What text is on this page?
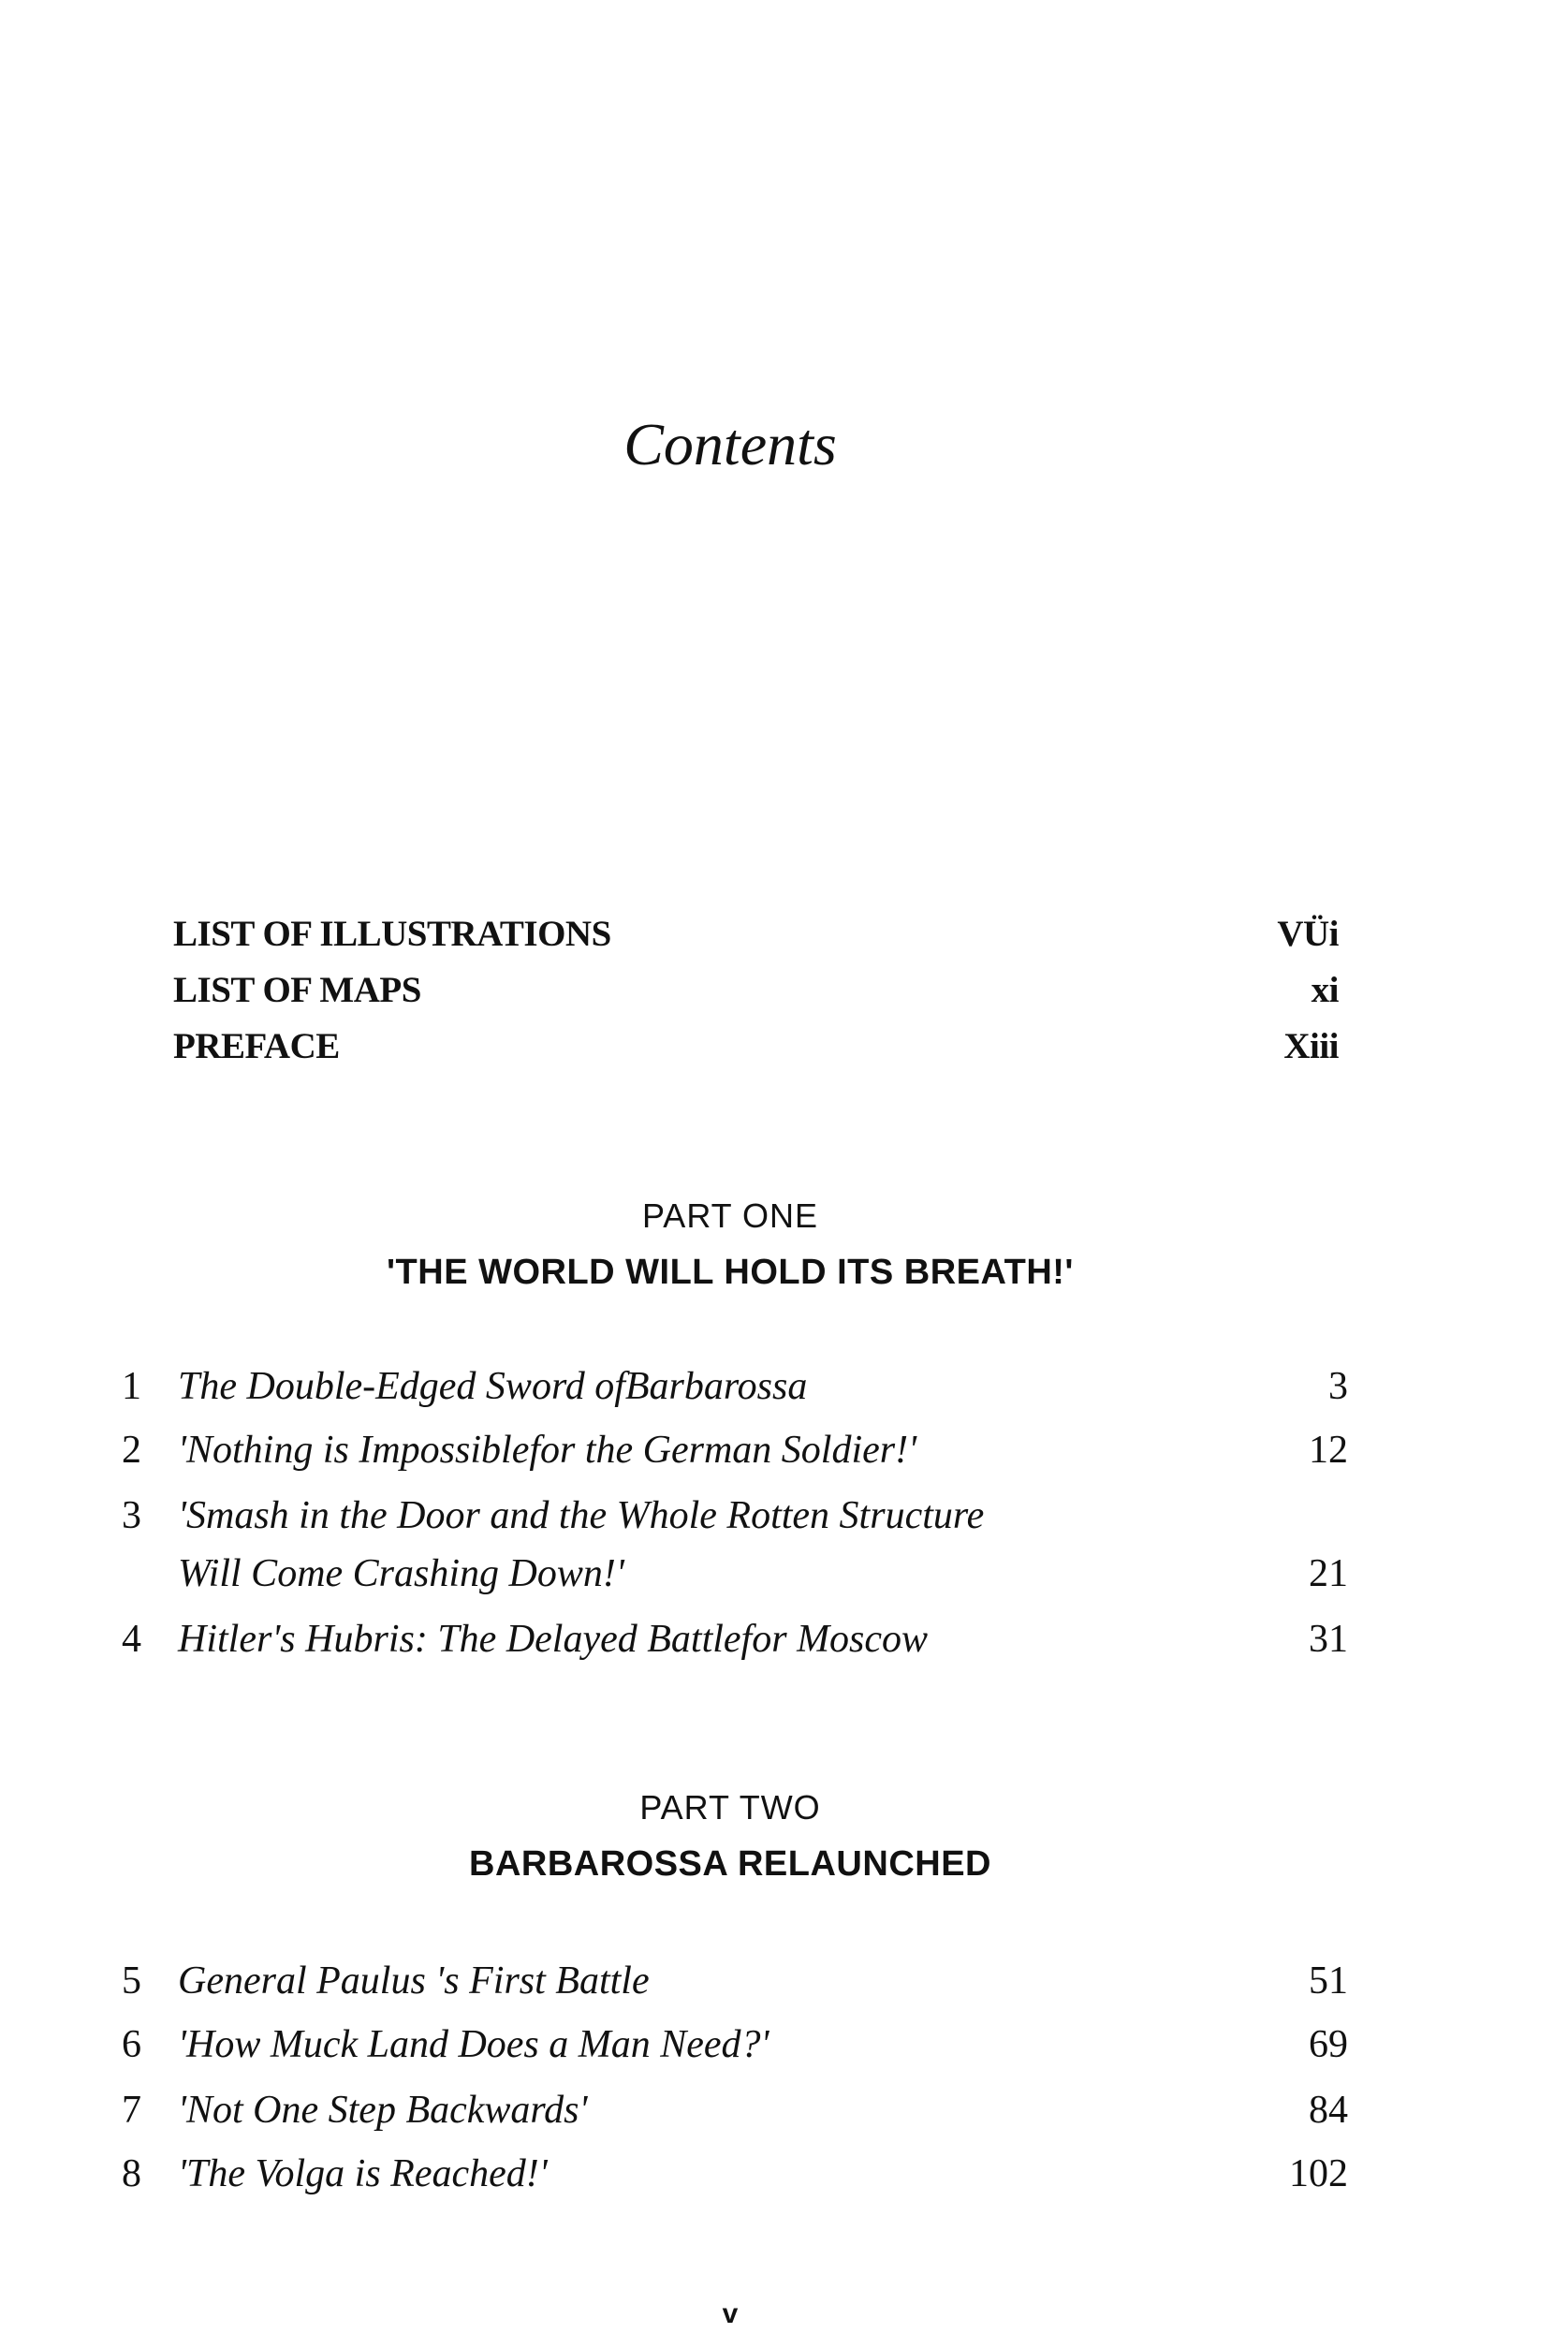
Contents
LIST OF ILLUSTRATIONS	VÜi
LIST OF MAPS	xi
PREFACE	Xiii
PART ONE
'THE WORLD WILL HOLD ITS BREATH!'
1 The Double-Edged Sword ofBarbarossa	3
2 'Nothing is Impossiblefor the German Soldier!'	12
3 'Smash in the Door and the Whole Rotten Structure
Will Come Crashing Down!'	21
4 Hitler's Hubris: The Delayed Battlefor Moscow	31
PART TWO
BARBAROSSA RELAUNCHED
5 General Paulus 's First Battle	51
6 'How Muck Land Does a Man Need?'	69
7 'Not One Step Backwards'	84
8 'The Volga is Reached!'	102
v
